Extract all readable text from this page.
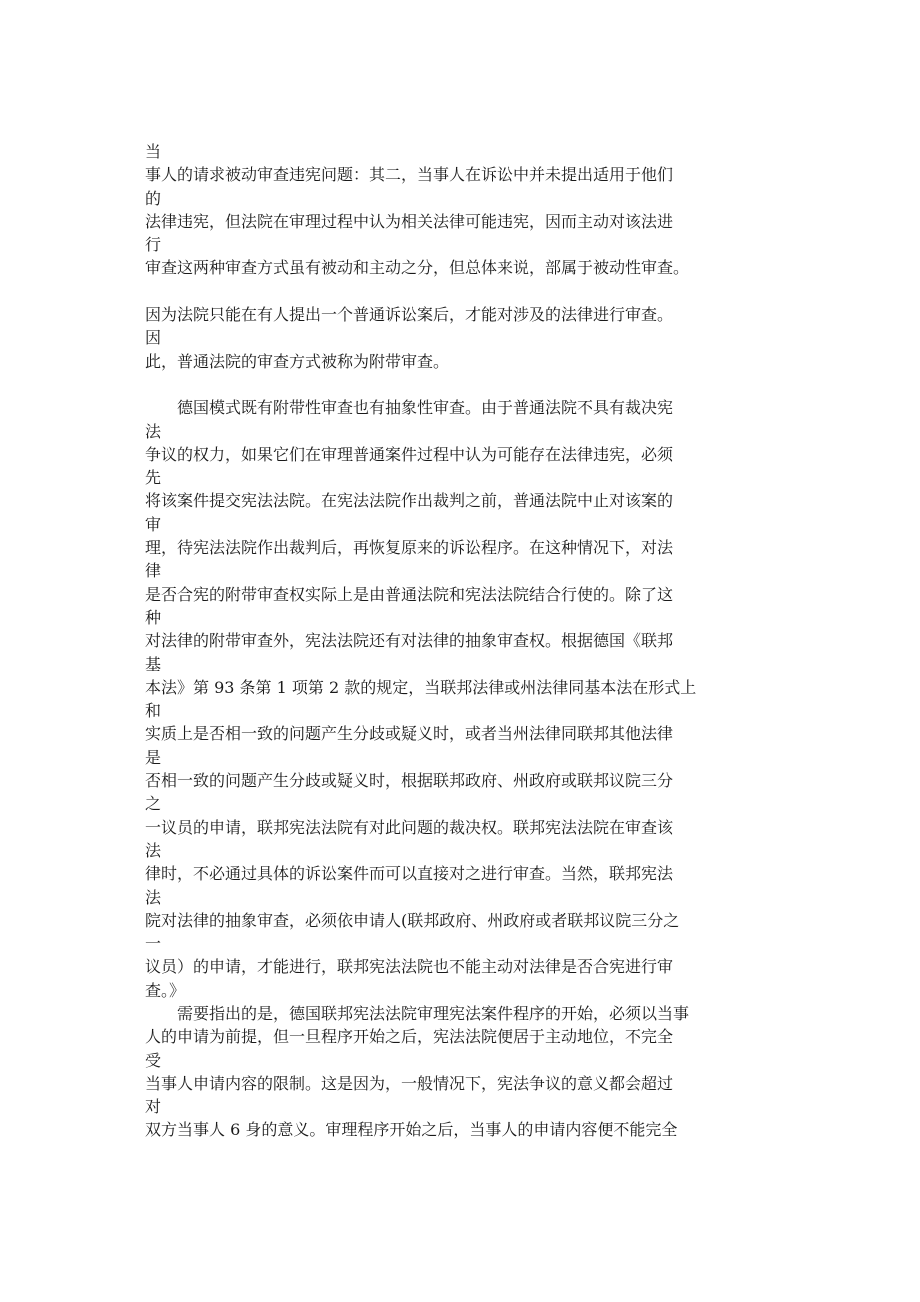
当
事人的请求被动审查违宪问题：其二，当事人在诉讼中并未提出适用于他们
的
法律违宪，但法院在审理过程中认为相关法律可能违宪，因而主动对该法进
行
审查这两种审查方式虽有被动和主动之分，但总体来说，部属于被动性审查。
因为法院只能在有人提出一个普通诉讼案后，才能对涉及的法律进行审查。
因
此，普通法院的审查方式被称为附带审查。
　　德国模式既有附带性审查也有抽象性审查。由于普通法院不具有裁决宪
法
争议的权力，如果它们在审理普通案件过程中认为可能存在法律违宪，必须
先
将该案件提交宪法法院。在宪法法院作出裁判之前，普通法院中止对该案的
审
理，待宪法法院作出裁判后，再恢复原来的诉讼程序。在这种情况下，对法
律
是否合宪的附带审查权实际上是由普通法院和宪法法院结合行使的。除了这
种
对法律的附带审查外，宪法法院还有对法律的抽象审查权。根据德国《联邦
基
本法》第 93 条第 1 项第 2 款的规定，当联邦法律或州法律同基本法在形式上
和
实质上是否相一致的问题产生分歧或疑义时，或者当州法律同联邦其他法律
是
否相一致的问题产生分歧或疑义时，根据联邦政府、州政府或联邦议院三分
之
一议员的申请，联邦宪法法院有对此问题的裁决权。联邦宪法法院在审查该
法
律时，不必通过具体的诉讼案件而可以直接对之进行审查。当然，联邦宪法
法
院对法律的抽象审查，必须依申请人(联邦政府、州政府或者联邦议院三分之
一
议员）的申请，才能进行，联邦宪法法院也不能主动对法律是否合宪进行审
查。》
　　需要指出的是，德国联邦宪法法院审理宪法案件程序的开始，必须以当事
人的申请为前提，但一旦程序开始之后，宪法法院便居于主动地位，不完全
受
当事人申请内容的限制。这是因为，一般情况下，宪法争议的意义都会超过
对
双方当事人 6 身的意义。审理程序开始之后，当事人的申请内容便不能完全
